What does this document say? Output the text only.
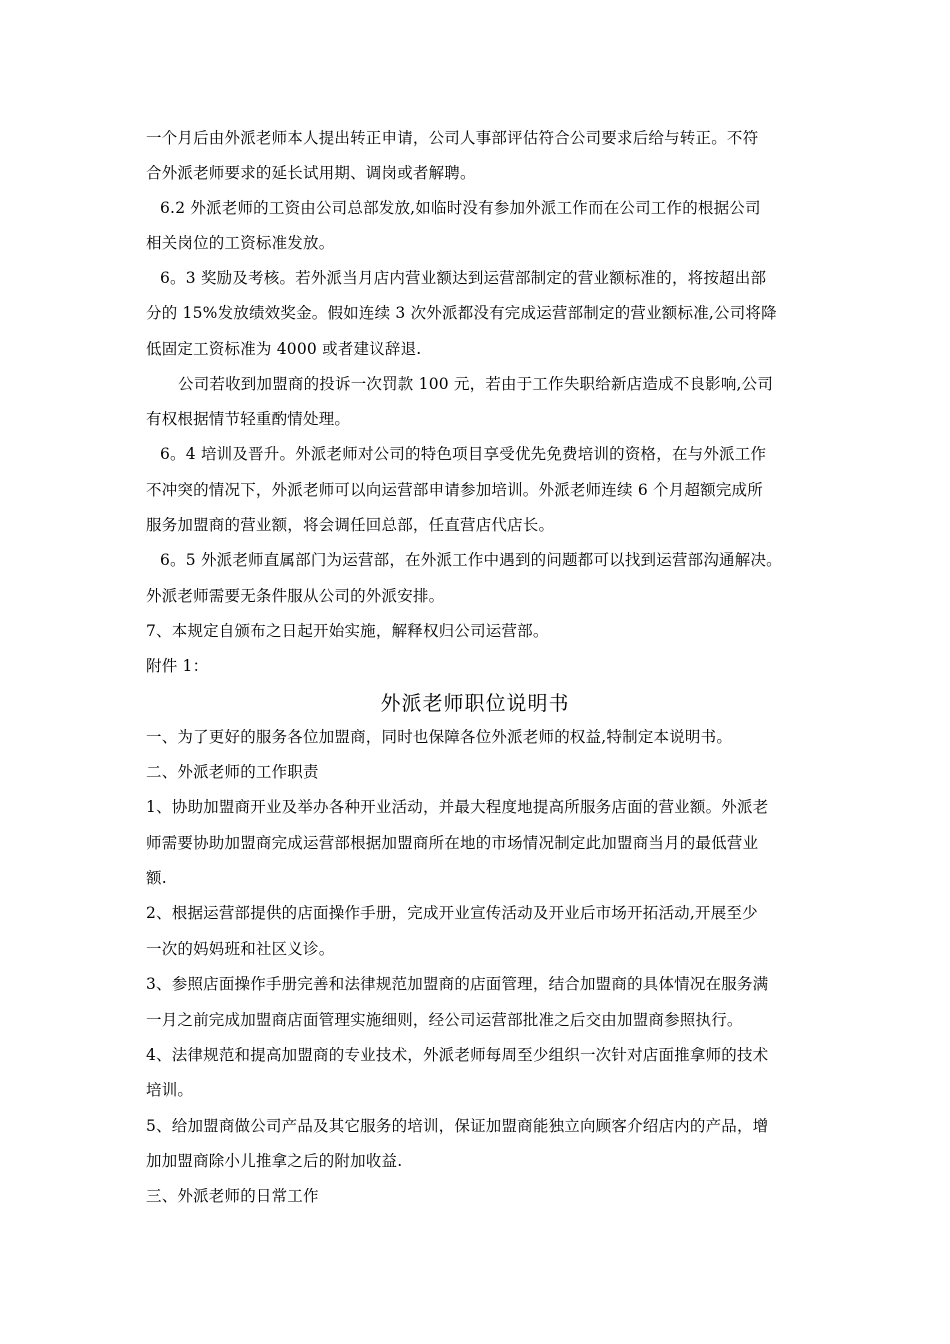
一个月后由外派老师本人提出转正申请，公司人事部评估符合公司要求后给与转正。不符
合外派老师要求的延长试用期、调岗或者解聘。
6.2 外派老师的工资由公司总部发放,如临时没有参加外派工作而在公司工作的根据公司
相关岗位的工资标准发放。
6。3 奖励及考核。若外派当月店内营业额达到运营部制定的营业额标准的，将按超出部
分的 15%发放绩效奖金。假如连续 3 次外派都没有完成运营部制定的营业额标准,公司将降
低固定工资标准为 4000 或者建议辞退.
公司若收到加盟商的投诉一次罚款 100 元，若由于工作失职给新店造成不良影响,公司
有权根据情节轻重酌情处理。
6。4 培训及晋升。外派老师对公司的特色项目享受优先免费培训的资格，在与外派工作
不冲突的情况下，外派老师可以向运营部申请参加培训。外派老师连续 6 个月超额完成所
服务加盟商的营业额，将会调任回总部，任直营店代店长。
6。5 外派老师直属部门为运营部，在外派工作中遇到的问题都可以找到运营部沟通解决。
外派老师需要无条件服从公司的外派安排。
7、本规定自颁布之日起开始实施，解释权归公司运营部。
附件 1：
外派老师职位说明书
一、为了更好的服务各位加盟商，同时也保障各位外派老师的权益,特制定本说明书。
二、外派老师的工作职责
1、协助加盟商开业及举办各种开业活动，并最大程度地提高所服务店面的营业额。外派老
师需要协助加盟商完成运营部根据加盟商所在地的市场情况制定此加盟商当月的最低营业
额.
2、根据运营部提供的店面操作手册，完成开业宣传活动及开业后市场开拓活动,开展至少
一次的妈妈班和社区义诊。
3、参照店面操作手册完善和法律规范加盟商的店面管理，结合加盟商的具体情况在服务满
一月之前完成加盟商店面管理实施细则，经公司运营部批准之后交由加盟商参照执行。
4、法律规范和提高加盟商的专业技术，外派老师每周至少组织一次针对店面推拿师的技术
培训。
5、给加盟商做公司产品及其它服务的培训，保证加盟商能独立向顾客介绍店内的产品，增
加加盟商除小儿推拿之后的附加收益.
三、外派老师的日常工作
